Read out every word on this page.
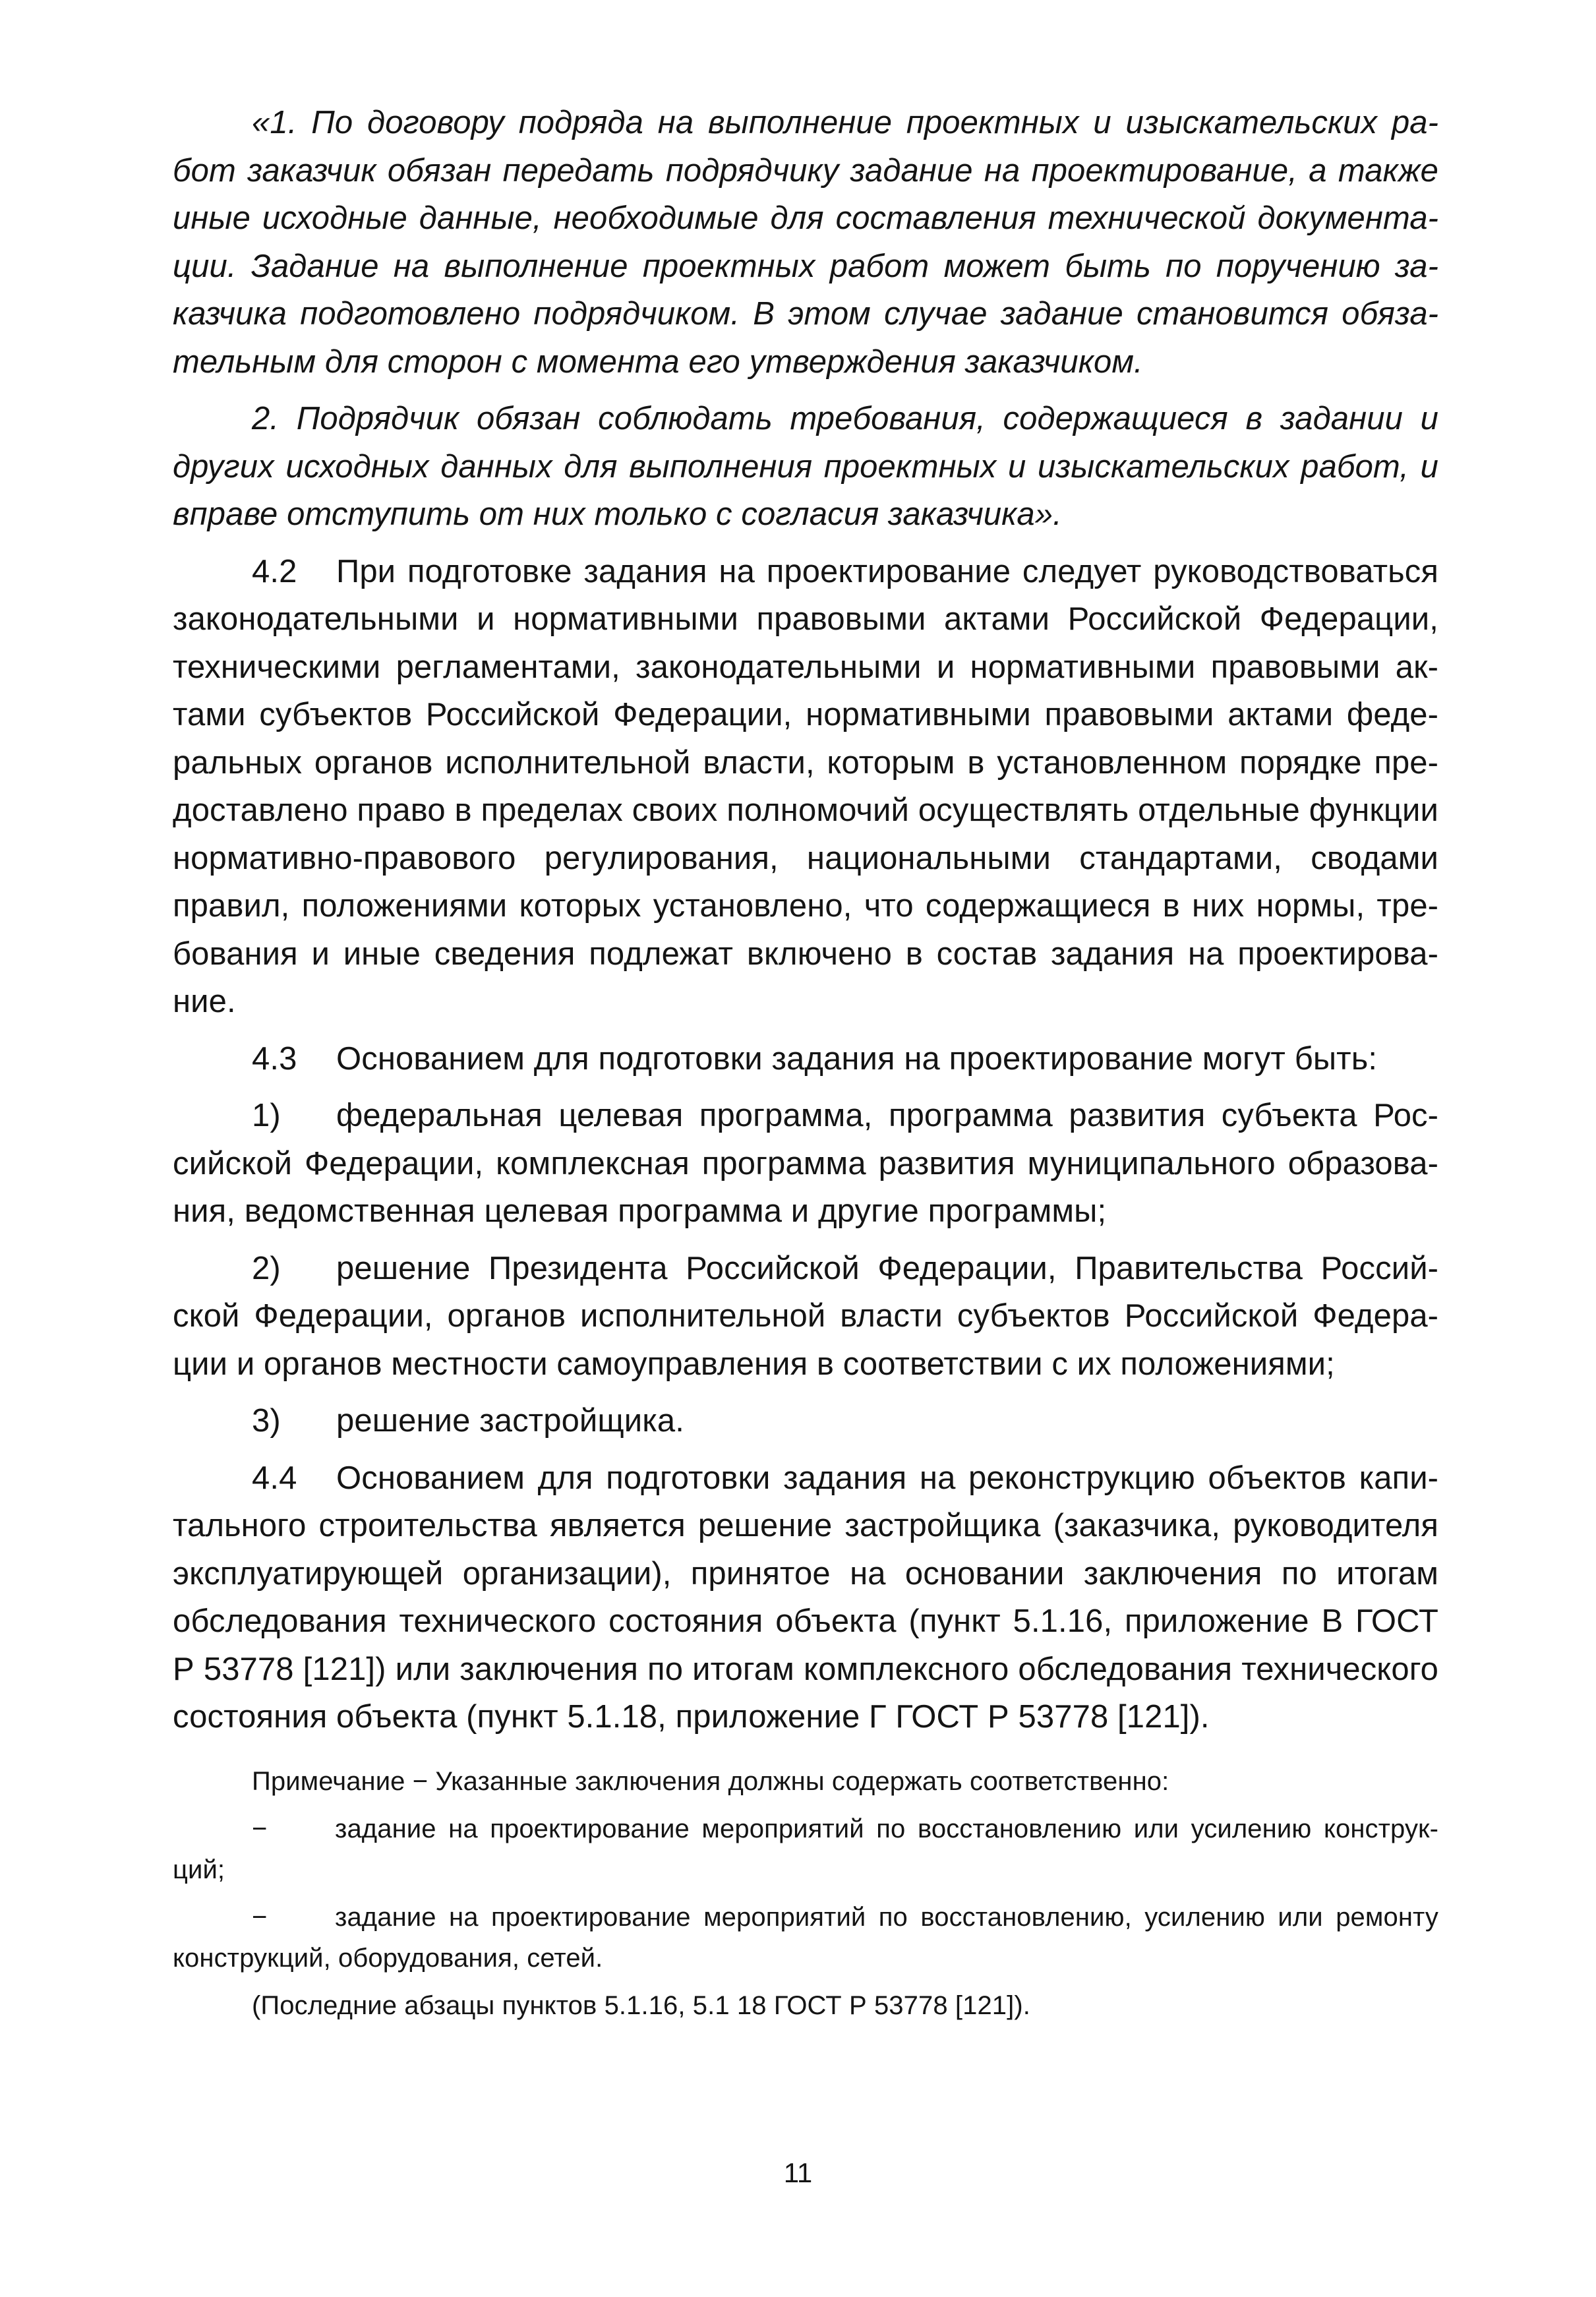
«1. По договору подряда на выполнение проектных и изыскательских работ заказчик обязан передать подрядчику задание на проектирование, а также иные исходные данные, необходимые для составления технической документации. Задание на выполнение проектных работ может быть по поручению заказчика подготовлено подрядчиком. В этом случае задание становится обязательным для сторон с момента его утверждения заказчиком.

2. Подрядчик обязан соблюдать требования, содержащиеся в задании и других исходных данных для выполнения проектных и изыскательских работ, и вправе отступить от них только с согласия заказчика».

4.2 При подготовке задания на проектирование следует руководствоваться законодательными и нормативными правовыми актами Российской Федерации, техническими регламентами, законодательными и нормативными правовыми актами субъектов Российской Федерации, нормативными правовыми актами федеральных органов исполнительной власти, которым в установленном порядке предоставлено право в пределах своих полномочий осуществлять отдельные функции нормативно-правового регулирования, национальными стандартами, сводами правил, положениями которых установлено, что содержащиеся в них нормы, требования и иные сведения подлежат включено в состав задания на проектирование.

4.3 Основанием для подготовки задания на проектирование могут быть:

1) федеральная целевая программа, программа развития субъекта Российской Федерации, комплексная программа развития муниципального образования, ведомственная целевая программа и другие программы;

2) решение Президента Российской Федерации, Правительства Российской Федерации, органов исполнительной власти субъектов Российской Федерации и органов местности самоуправления в соответствии с их положениями;

3) решение застройщика.

4.4 Основанием для подготовки задания на реконструкцию объектов капитального строительства является решение застройщика (заказчика, руководителя эксплуатирующей организации), принятое на основании заключения по итогам обследования технического состояния объекта (пункт 5.1.16, приложение В ГОСТ Р 53778 [121]) или заключения по итогам комплексного обследования технического состояния объекта (пункт 5.1.18, приложение Г ГОСТ Р 53778 [121]).

Примечание − Указанные заключения должны содержать соответственно:

−	задание на проектирование мероприятий по восстановлению или усилению конструкций;

−	задание на проектирование мероприятий по восстановлению, усилению или ремонту конструкций, оборудования, сетей.

(Последние абзацы пунктов 5.1.16, 5.1 18 ГОСТ Р 53778 [121]).

11
